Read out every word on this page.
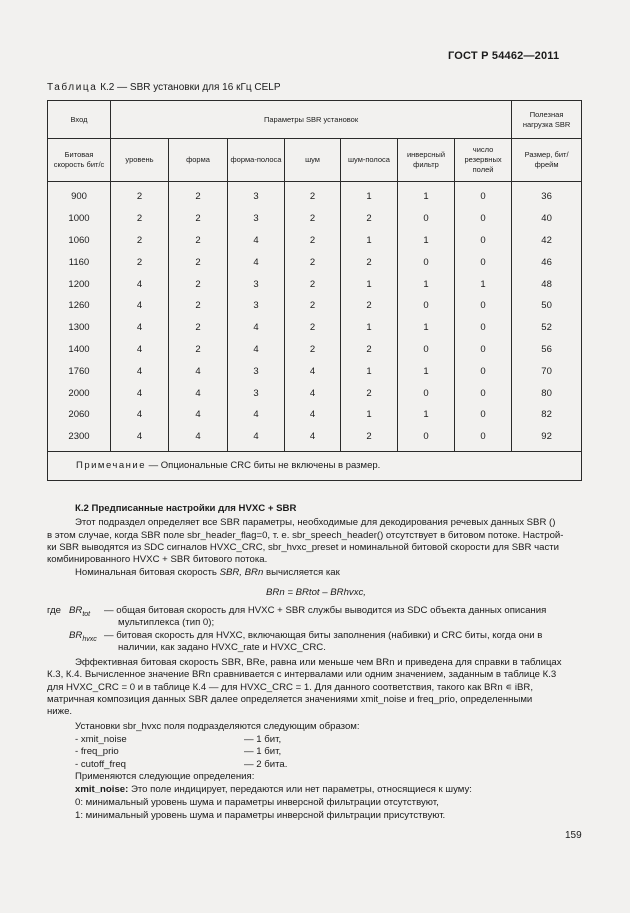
ГОСТ Р 54462—2011
Таблица К.2 — SBR установки для 16 кГц CELP
Вход	Параметры SBR установок							Полезная нагрузка SBR
Битовая скорость бит/с	уровень	форма	форма-полоса	шум	шум-полоса	инверсный фильтр	число резервных полей	Размер, бит/фрейм
900	2	2	3	2	1	1	0	36
1000	2	2	3	2	2	0	0	40
1060	2	2	4	2	1	1	0	42
1160	2	2	4	2	2	0	0	46
1200	4	2	3	2	1	1	1	48
1260	4	2	3	2	2	0	0	50
1300	4	2	4	2	1	1	0	52
1400	4	2	4	2	2	0	0	56
1760	4	4	3	4	1	1	0	70
2000	4	4	3	4	2	0	0	80
2060	4	4	4	4	1	1	0	82
2300	4	4	4	4	2	0	0	92
Примечание — Опциональные CRC биты не включены в размер.								
К.2 Предписанные настройки для HVXC + SBR
Этот подраздел определяет все SBR параметры, необходимые для декодирования речевых данных SBR ()
в этом случае, когда SBR поле sbr_header_flag=0, т. е. sbr_speech_header() отсутствует в битовом потоке. Настрой-
ки SBR выводятся из SDC сигналов HVXC_CRC, sbr_hvxc_preset и номинальной битовой скорости для SBR части
комбинированного HVXC + SBR битового потока.
Номинальная битовая скорость SBR, BRn вычисляется как
BRn = BRtot – BRhvxc,
где $BR_{tot}$ — общая битовая скорость для HVXC + SBR службы выводится из SDC объекта данных описания
мультиплекса (тип 0);
$BR_{hvxc}$ — битовая скорость для HVXC, включающая биты заполнения (набивки) и CRC биты, когда они в
наличии, как задано HVXC_rate и HVXC_CRC.
Эффективная битовая скорость SBR, BRe, равна или меньше чем BRn и приведена для справки в таблицах
К.3, К.4. Вычисленное значение BRn сравнивается с интервалами или одним значением, заданным в таблице К.3
для HVXC_CRC = 0 и в таблице К.4 — для HVXC_CRC = 1. Для данного соответствия, такого как BRn ∊ iBR,
матричная композиция данных SBR далее определяется значениями xmit_noise и freq_prio, определенными
ниже.
Установки sbr_hvxc поля подразделяются следующим образом:
- xmit_noise	— 1 бит,
- freq_prio	— 1 бит,
- cutoff_freq	— 2 бита.
Применяются следующие определения:
xmit_noise: Это поле индицирует, передаются или нет параметры, относящиеся к шуму:
0: минимальный уровень шума и параметры инверсной фильтрации отсутствуют,
1: минимальный уровень шума и параметры инверсной фильтрации присутствуют.
159
